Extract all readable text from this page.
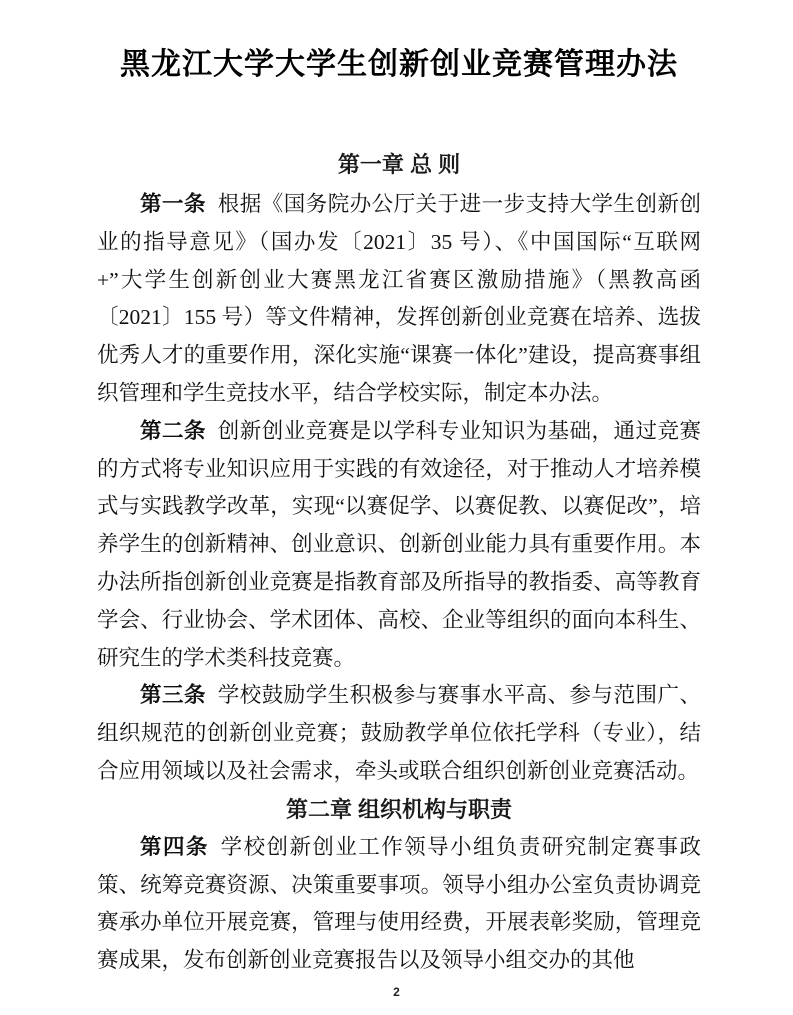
黑龙江大学大学生创新创业竞赛管理办法
第一章 总 则

第一条 根据《国务院办公厅关于进一步支持大学生创新创业的指导意见》（国办发〔2021〕35 号）、《中国国际“互联网+”大学生创新创业大赛黑龙江省赛区激励措施》（黑教高函〔2021〕155 号）等文件精神，发挥创新创业竞赛在培养、选拔优秀人才的重要作用，深化实施“课赛一体化”建设，提高赛事组织管理和学生竞技水平，结合学校实际，制定本办法。

第二条 创新创业竞赛是以学科专业知识为基础，通过竞赛的方式将专业知识应用于实践的有效途径，对于推动人才培养模式与实践教学改革，实现“以赛促学、以赛促教、以赛促改”，培养学生的创新精神、创业意识、创新创业能力具有重要作用。本办法所指创新创业竞赛是指教育部及所指导的教指委、高等教育学会、行业协会、学术团体、高校、企业等组织的面向本科生、研究生的学术类科技竞赛。

第三条 学校鼓励学生积极参与赛事水平高、参与范围广、组织规范的创新创业竞赛；鼓励教学单位依托学科（专业），结合应用领域以及社会需求，牵头或联合组织创新创业竞赛活动。

第二章 组织机构与职责

第四条 学校创新创业工作领导小组负责研究制定赛事政策、统筹竞赛资源、决策重要事项。领导小组办公室负责协调竞赛承办单位开展竞赛，管理与使用经费，开展表彰奖励，管理竞赛成果，发布创新创业竞赛报告以及领导小组交办的其他

2
